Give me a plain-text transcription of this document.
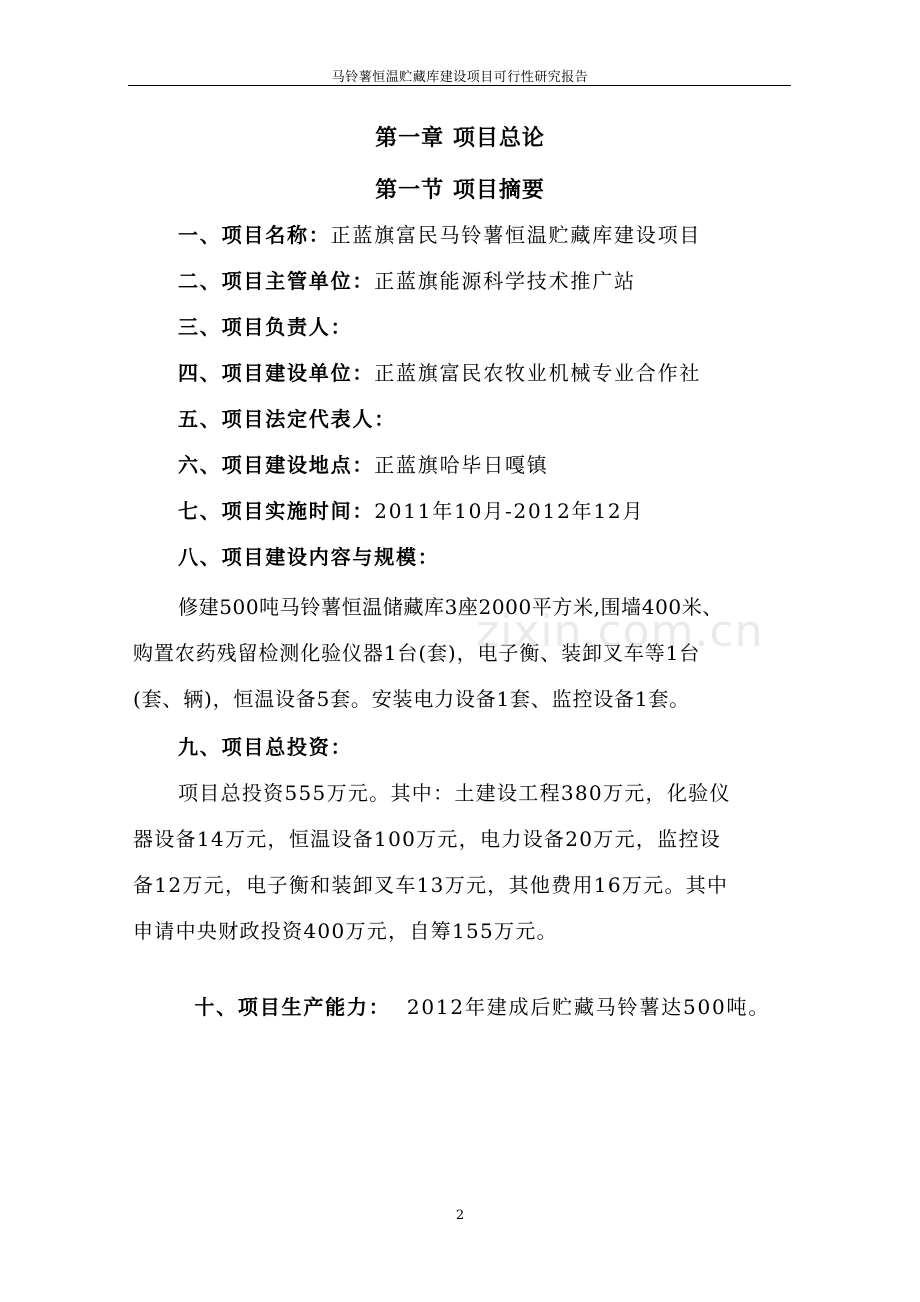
马铃薯恒温贮藏库建设项目可行性研究报告
第一章 项目总论
第一节 项目摘要
一、项目名称：正蓝旗富民马铃薯恒温贮藏库建设项目
二、项目主管单位：正蓝旗能源科学技术推广站
三、项目负责人：
四、项目建设单位：正蓝旗富民农牧业机械专业合作社
五、项目法定代表人：
六、项目建设地点：正蓝旗哈毕日嘎镇
七、项目实施时间：2011年10月-2012年12月
八、项目建设内容与规模：
修建500吨马铃薯恒温储藏库3座2000平方米,围墙400米、
购置农药残留检测化验仪器1台(套)，电子衡、装卸叉车等1台
(套、辆)，恒温设备5套。安装电力设备1套、监控设备1套。
九、项目总投资：
项目总投资555万元。其中：土建设工程380万元，化验仪
器设备14万元，恒温设备100万元，电力设备20万元，监控设
备12万元，电子衡和装卸叉车13万元，其他费用16万元。其中
申请中央财政投资400万元，自筹155万元。

十、项目生产能力：  2012年建成后贮藏马铃薯达500吨。

zixin.com.cn
2
